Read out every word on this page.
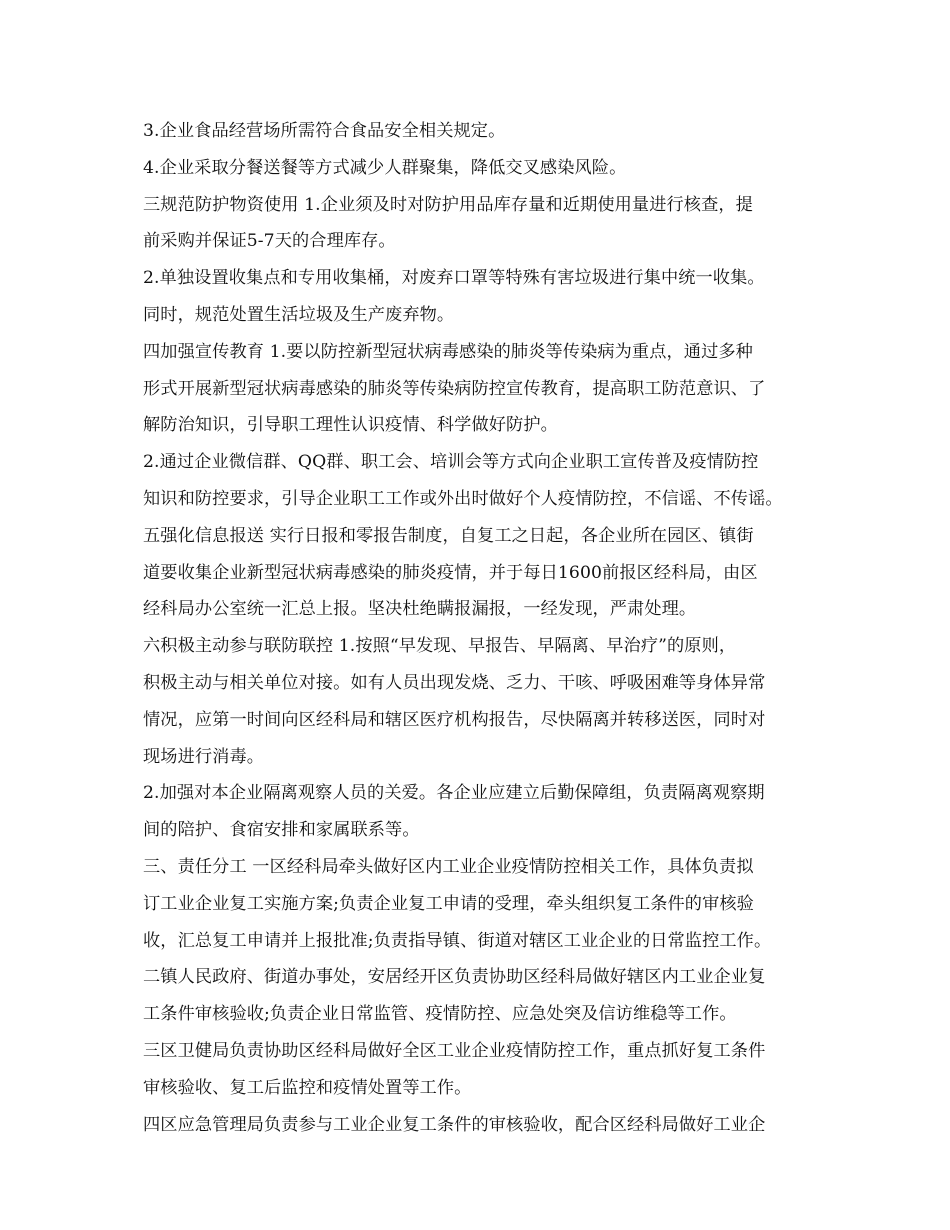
3.企业食品经营场所需符合食品安全相关规定。
4.企业采取分餐送餐等方式减少人群聚集，降低交叉感染风险。
三规范防护物资使用 1.企业须及时对防护用品库存量和近期使用量进行核查，提
前采购并保证5-7天的合理库存。
2.单独设置收集点和专用收集桶，对废弃口罩等特殊有害垃圾进行集中统一收集。
同时，规范处置生活垃圾及生产废弃物。
四加强宣传教育 1.要以防控新型冠状病毒感染的肺炎等传染病为重点，通过多种
形式开展新型冠状病毒感染的肺炎等传染病防控宣传教育，提高职工防范意识、了
解防治知识，引导职工理性认识疫情、科学做好防护。
2.通过企业微信群、QQ群、职工会、培训会等方式向企业职工宣传普及疫情防控
知识和防控要求，引导企业职工工作或外出时做好个人疫情防控，不信谣、不传谣。
五强化信息报送 实行日报和零报告制度，自复工之日起，各企业所在园区、镇街
道要收集企业新型冠状病毒感染的肺炎疫情，并于每日1600前报区经科局，由区
经科局办公室统一汇总上报。坚决杜绝瞒报漏报，一经发现，严肃处理。
六积极主动参与联防联控 1.按照“早发现、早报告、早隔离、早治疗”的原则，
积极主动与相关单位对接。如有人员出现发烧、乏力、干咳、呼吸困难等身体异常
情况，应第一时间向区经科局和辖区医疗机构报告，尽快隔离并转移送医，同时对
现场进行消毒。
2.加强对本企业隔离观察人员的关爱。各企业应建立后勤保障组，负责隔离观察期
间的陪护、食宿安排和家属联系等。
三、责任分工 一区经科局牵头做好区内工业企业疫情防控相关工作，具体负责拟
订工业企业复工实施方案;负责企业复工申请的受理，牵头组织复工条件的审核验
收，汇总复工申请并上报批准;负责指导镇、街道对辖区工业企业的日常监控工作。
二镇人民政府、街道办事处，安居经开区负责协助区经科局做好辖区内工业企业复
工条件审核验收;负责企业日常监管、疫情防控、应急处突及信访维稳等工作。
三区卫健局负责协助区经科局做好全区工业企业疫情防控工作，重点抓好复工条件
审核验收、复工后监控和疫情处置等工作。
四区应急管理局负责参与工业企业复工条件的审核验收，配合区经科局做好工业企
